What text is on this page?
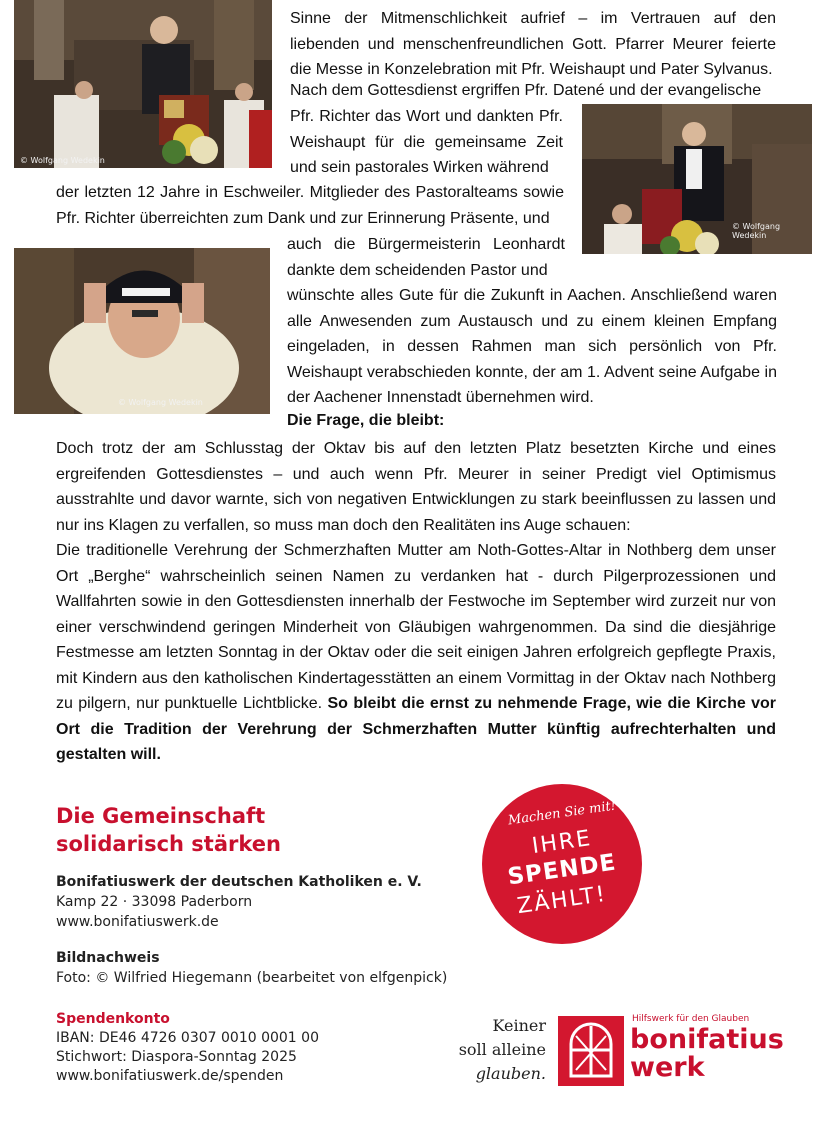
© Wolfgang Wedekin

Sinne der Mitmenschlichkeit aufrief – im Vertrauen auf den liebenden und menschenfreundlichen Gott. Pfarrer Meurer feierte die Messe in Konzelebration mit Pfr. Weishaupt und Pater Sylvanus.

Nach dem Gottesdienst ergriffen Pfr. Datené und der evangelische

Pfr. Richter das Wort und dankten Pfr. Weishaupt für die gemeinsame Zeit und sein pastorales Wirken während

© Wolfgang Wedekin

der letzten 12 Jahre in Eschweiler. Mitglieder des Pastoralteams sowie Pfr. Richter überreichten zum Dank und zur Erinnerung Präsente, und

© Wolfgang Wedekin

auch die Bürgermeisterin Leonhardt dankte dem scheidenden Pastor und

wünschte alles Gute für die Zukunft in Aachen. Anschließend waren alle Anwesenden zum Austausch und zu einem kleinen Empfang eingeladen, in dessen Rahmen man sich persönlich von Pfr. Weishaupt verabschieden konnte, der am 1. Advent seine Aufgabe in der Aachener Innenstadt übernehmen wird.

Die Frage, die bleibt:

Doch trotz der am Schlusstag der Oktav bis auf den letzten Platz besetzten Kirche und eines ergreifenden Gottesdienstes – und auch wenn Pfr. Meurer in seiner Predigt viel Optimismus ausstrahlte und davor warnte, sich von negativen Entwicklungen zu stark beeinflussen zu lassen und nur ins Klagen zu verfallen, so muss man doch den Realitäten ins Auge schauen:

Die traditionelle Verehrung der Schmerzhaften Mutter am Noth-Gottes-Altar in Nothberg dem unser Ort „Berghe“ wahrscheinlich seinen Namen zu verdanken hat - durch Pilgerprozessionen und Wallfahrten sowie in den Gottesdiensten innerhalb der Festwoche im September wird zurzeit nur von einer verschwindend geringen Minderheit von Gläubigen wahrgenommen. Da sind die diesjährige Festmesse am letzten Sonntag in der Oktav oder die seit einigen Jahren erfolgreich gepflegte Praxis, mit Kindern aus den katholischen Kindertagesstätten an einem Vormittag in der Oktav nach Nothberg zu pilgern, nur punktuelle Lichtblicke. So bleibt die ernst zu nehmende Frage, wie die Kirche vor Ort die Tradition der Verehrung der Schmerzhaften Mutter künftig aufrechterhalten und gestalten will.

Die Gemeinschaft
solidarisch stärken
Bonifatiuswerk der deutschen Katholiken e. V.
Kamp 22 · 33098 Paderborn
www.bonifatiuswerk.de
Bildnachweis
Foto: © Wilfried Hiegemann (bearbeitet von elfgenpick)
Spendenkonto
IBAN: DE46 4726 0307 0010 0001 00
Stichwort: Diaspora-Sonntag 2025
www.bonifatiuswerk.de/spenden
Machen Sie mit!
IHRE
SPENDE
ZÄHLT!
Keiner
soll alleine
glauben.
Hilfswerk für den Glauben
bonifatius
werk
